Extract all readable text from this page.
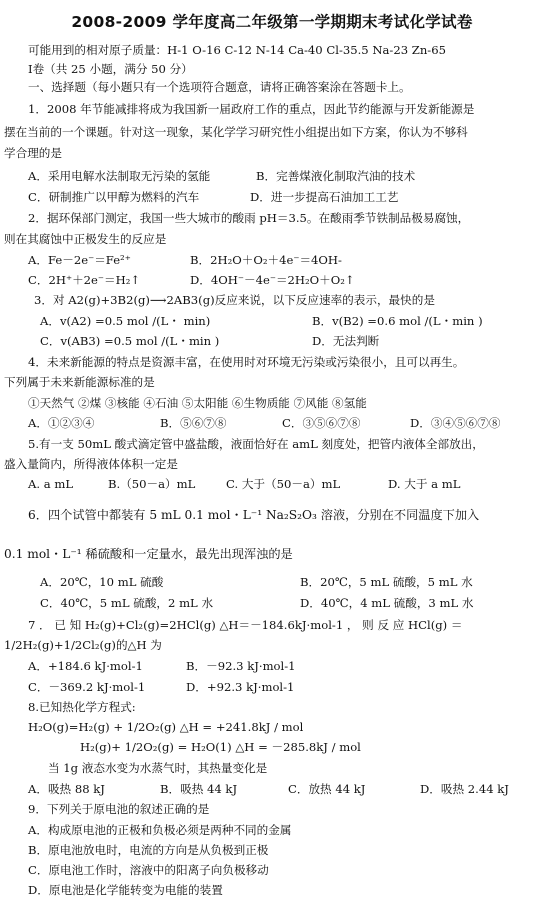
2008-2009 学年度高二年级第一学期期末考试化学试卷
可能用到的相对原子质量：H-1 O-16 C-12 N-14 Ca-40 Cl-35.5 Na-23 Zn-65
Ⅰ卷（共 25 小题，满分 50 分）
一、选择题（每小题只有一个选项符合题意，请将正确答案涂在答题卡上。
1．2008 年节能减排将成为我国新一届政府工作的重点，因此节约能源与开发新能源是
摆在当前的一个课题。针对这一现象，某化学学习研究性小组提出如下方案，你认为不够科
学合理的是
A．采用电解水法制取无污染的氢能	B．完善煤液化制取汽油的技术
C．研制推广以甲醇为燃料的汽车	D．进一步提高石油加工工艺
2．据环保部门测定，我国一些大城市的酸雨 pH＝3.5。在酸雨季节铁制品极易腐蚀，
则在其腐蚀中正极发生的反应是
A．Fe－2e⁻＝Fe²⁺	B．2H₂O＋O₂＋4e⁻＝4OH-
C．2H⁺＋2e⁻＝H₂↑	D．4OH⁻－4e⁻＝2H₂O＋O₂↑
3．对 A2(g)+3B2(g)⟶2AB3(g)反应来说，以下反应速率的表示，最快的是
A．v(A2) =0.5 mol /(L・ min)	B．v(B2) =0.6 mol /(L・min )
C．v(AB3) =0.5 mol /(L・min )	D．无法判断
4．未来新能源的特点是资源丰富，在使用时对环境无污染或污染很小，且可以再生。
下列属于未来新能源标准的是
①天然气 ②煤 ③核能 ④石油 ⑤太阳能 ⑥生物质能 ⑦风能 ⑧氢能
A．①②③④	B．⑤⑥⑦⑧	C．③⑤⑥⑦⑧	D．③④⑤⑥⑦⑧
5.有一支 50mL 酸式滴定管中盛盐酸，液面恰好在 amL 刻度处，把管内液体全部放出，
盛入量筒内，所得液体体积一定是
A. a mL	B.（50－a）mL	C. 大于（50－a）mL	D. 大于 a mL
6．四个试管中都装有 5 mL 0.1 mol・L⁻¹ Na₂S₂O₃ 溶液，分别在不同温度下加入
0.1 mol・L⁻¹ 稀硫酸和一定量水，最先出现浑浊的是
A．20℃，10 mL 硫酸	B．20℃，5 mL 硫酸，5 mL 水
C．40℃，5 mL 硫酸，2 mL 水	D．40℃，4 mL 硫酸，3 mL 水
7 ． 已 知 H₂(g)+Cl₂(g)=2HCl(g) △H＝－184.6kJ·mol-1 ， 则 反 应 HCl(g) ＝
1/2H₂(g)+1/2Cl₂(g)的△H 为
A．+184.6 kJ·mol-1	B．－92.3 kJ·mol-1
C．－369.2 kJ·mol-1	D．+92.3 kJ·mol-1
8.已知热化学方程式:
H₂O(g)=H₂(g) + 1/2O₂(g) △H = +241.8kJ / mol
H₂(g)+ 1/2O₂(g) = H₂O(1) △H = －285.8kJ / mol
当 1g 液态水变为水蒸气时，其热量变化是
A．吸热 88 kJ	B．吸热 44 kJ	C．放热 44 kJ	D．吸热 2.44 kJ
9．下列关于原电池的叙述正确的是
A．构成原电池的正极和负极必须是两种不同的金属
B．原电池放电时，电流的方向是从负极到正极
C．原电池工作时，溶液中的阳离子向负极移动
D．原电池是化学能转变为电能的装置
